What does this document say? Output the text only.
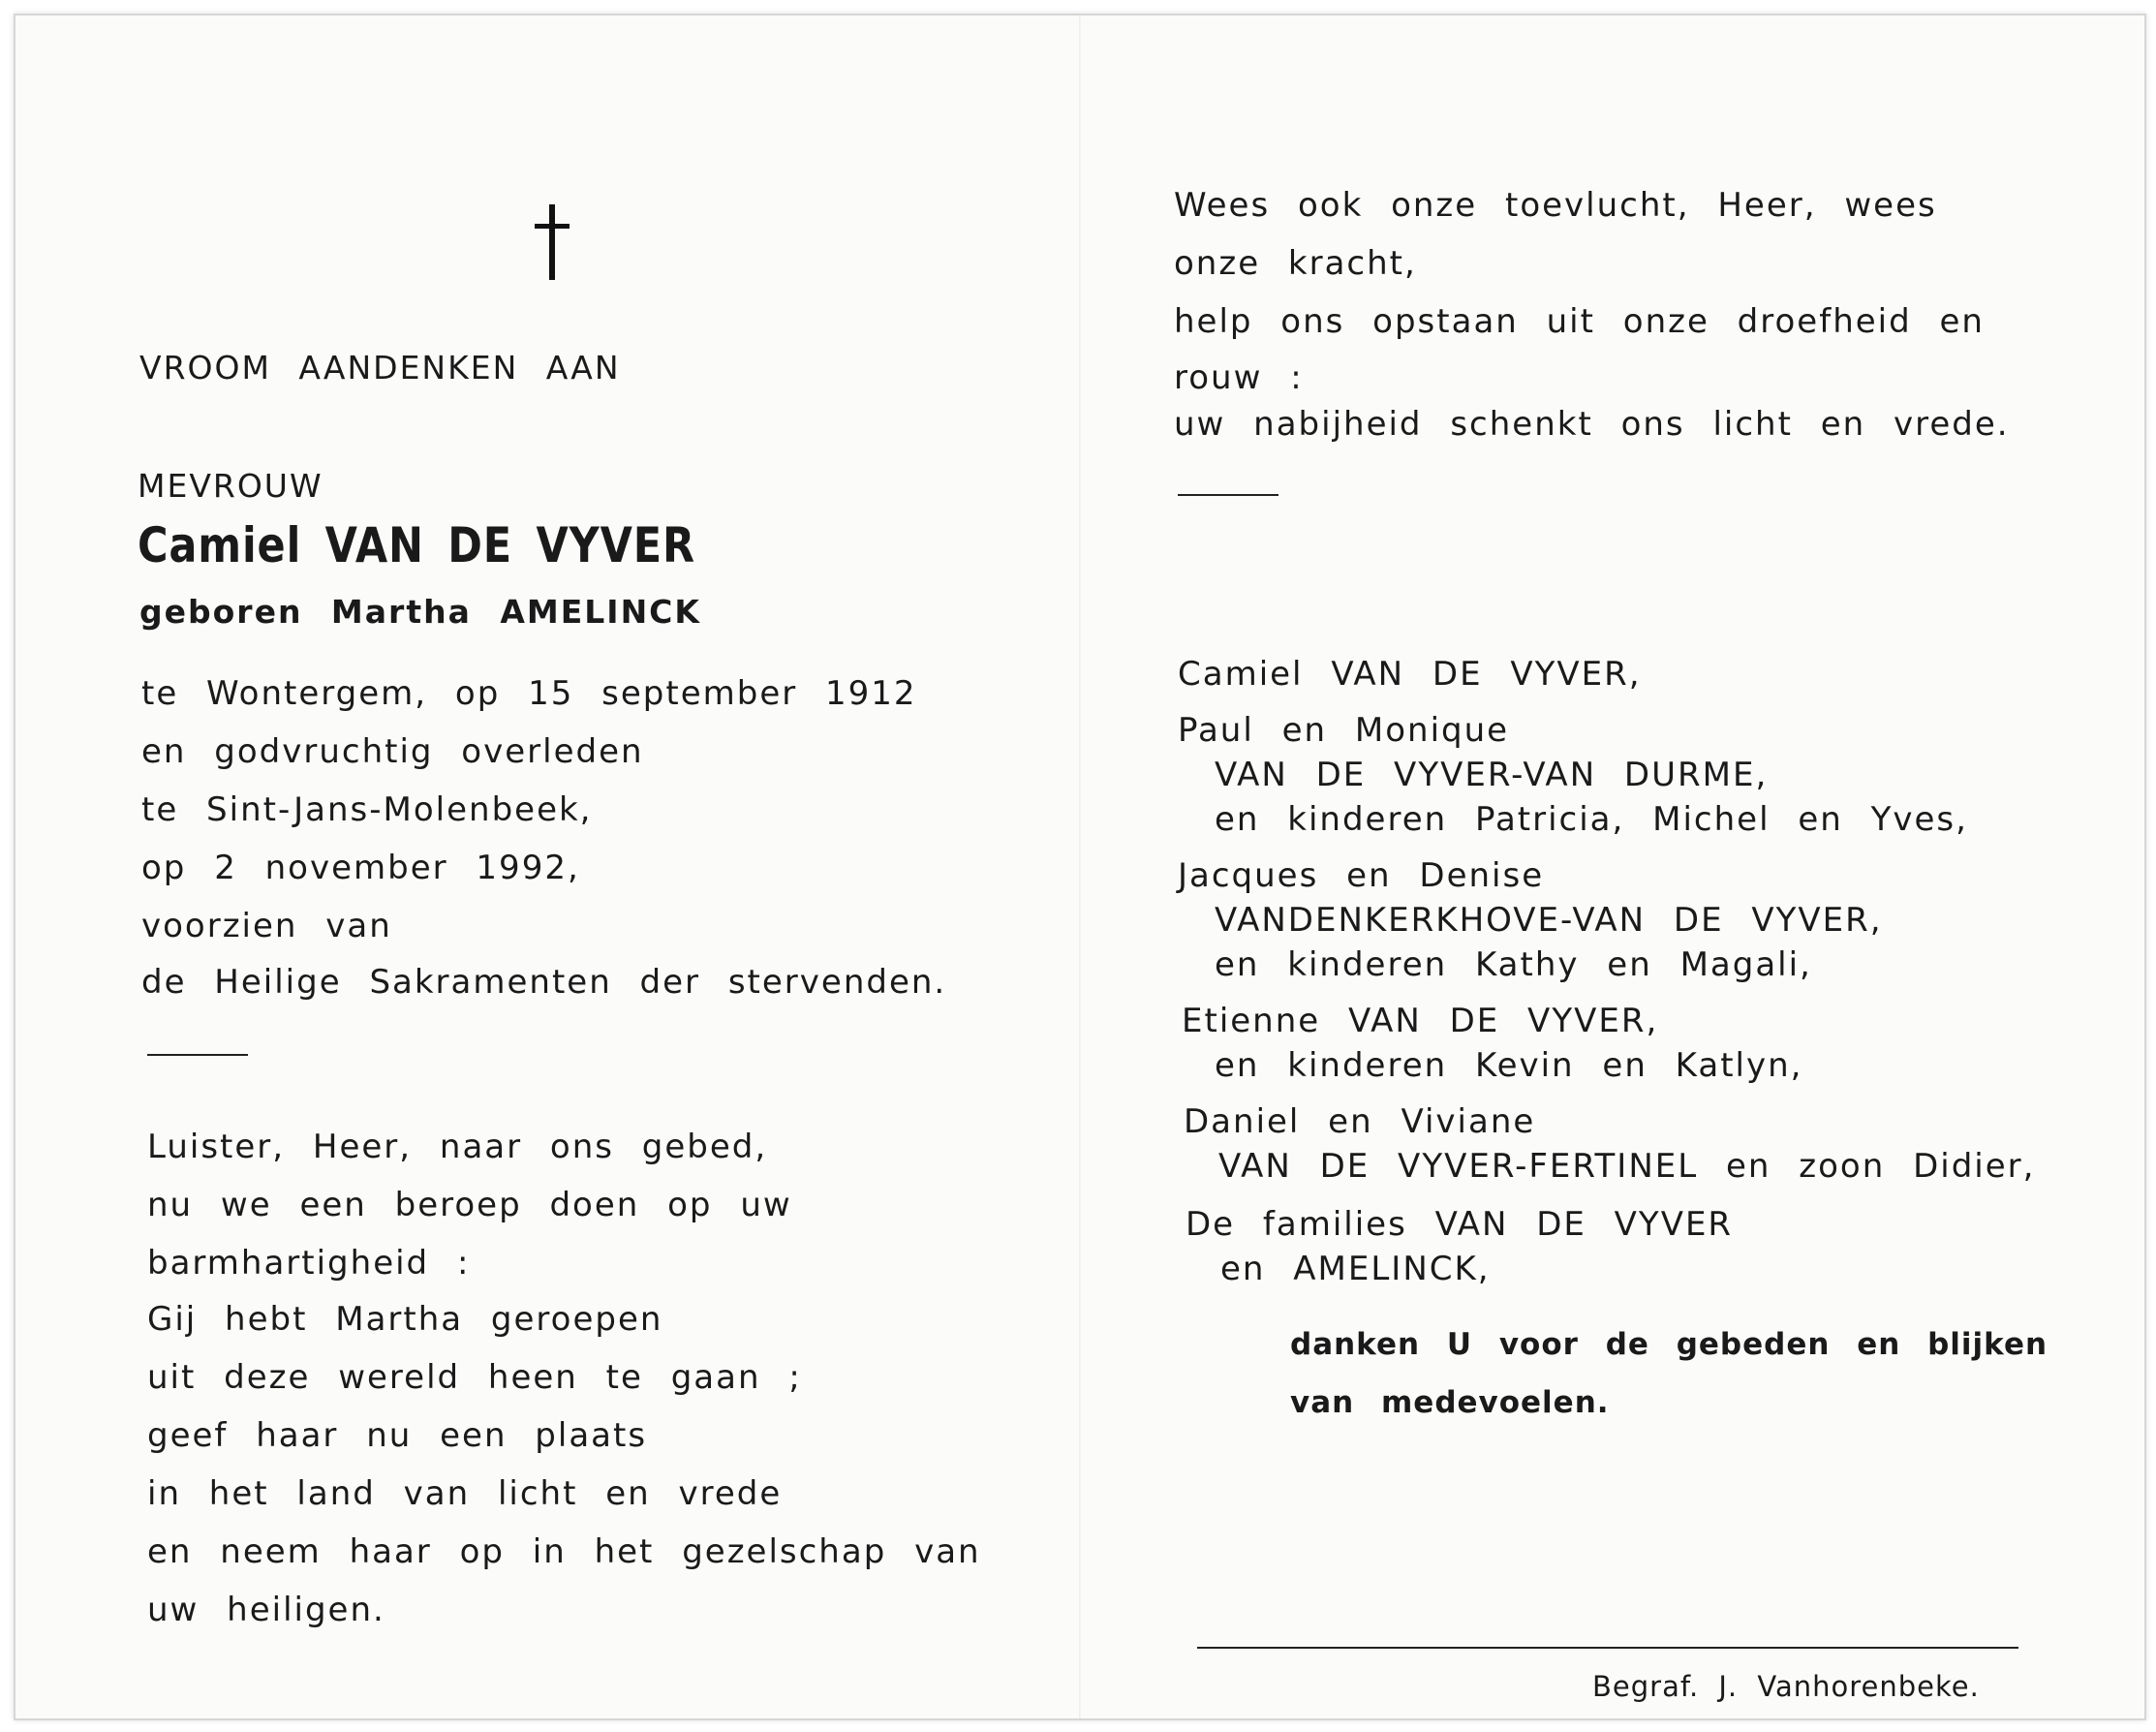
VROOM AANDENKEN AAN
MEVROUW
Camiel VAN DE VYVER
geboren Martha AMELINCK
te Wontergem, op 15 september 1912
en godvruchtig overleden
te Sint-Jans-Molenbeek,
op 2 november 1992,
voorzien van
de Heilige Sakramenten der stervenden.
Luister, Heer, naar ons gebed,
nu we een beroep doen op uw
barmhartigheid :
Gij hebt Martha geroepen
uit deze wereld heen te gaan ;
geef haar nu een plaats
in het land van licht en vrede
en neem haar op in het gezelschap van
uw heiligen.
Wees ook onze toevlucht, Heer, wees
onze kracht,
help ons opstaan uit onze droefheid en
rouw :
uw nabijheid schenkt ons licht en vrede.
Camiel VAN DE VYVER,
Paul en Monique
VAN DE VYVER-VAN DURME,
en kinderen Patricia, Michel en Yves,
Jacques en Denise
VANDENKERKHOVE-VAN DE VYVER,
en kinderen Kathy en Magali,
Etienne VAN DE VYVER,
en kinderen Kevin en Katlyn,
Daniel en Viviane
VAN DE VYVER-FERTINEL en zoon Didier,
De families VAN DE VYVER
en AMELINCK,
danken U voor de gebeden en blijken
van medevoelen.
Begraf. J. Vanhorenbeke.
